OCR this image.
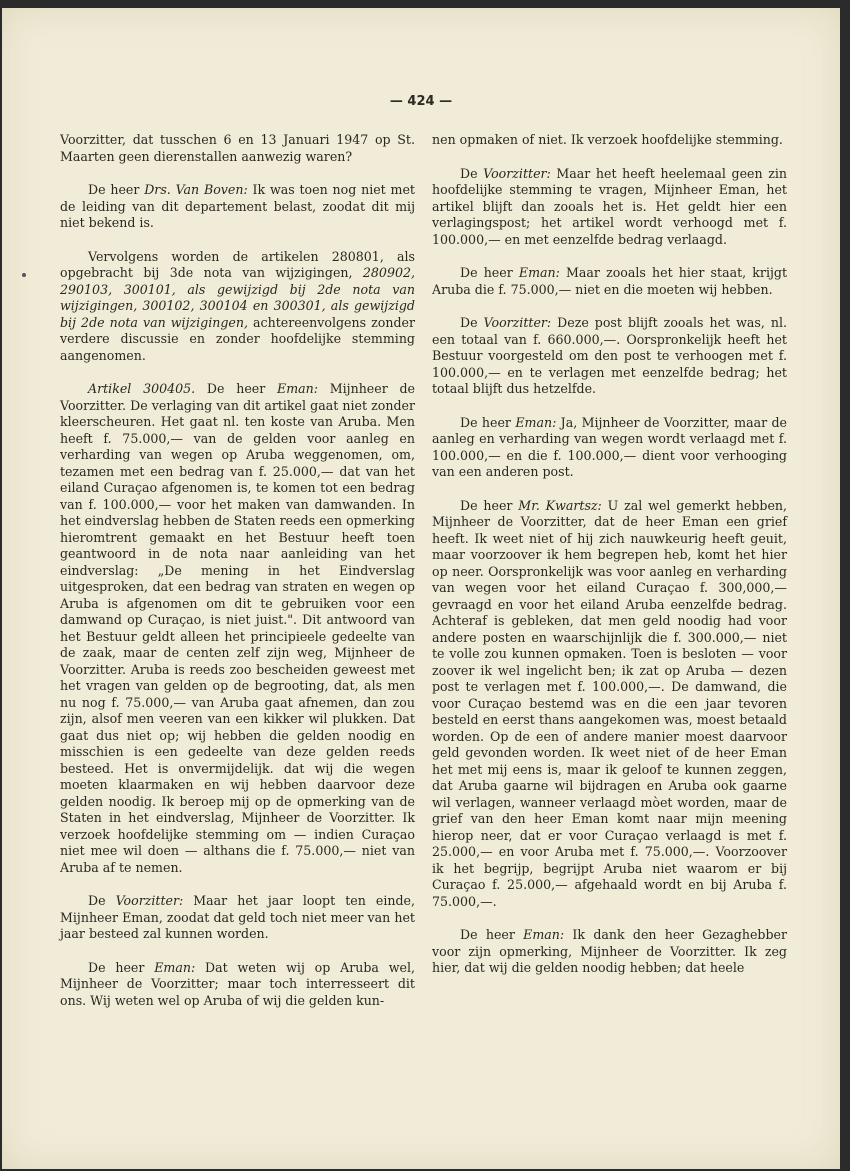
— 424 —

Voorzitter, dat tusschen 6 en 13 Januari 1947 op St. Maarten geen dierenstallen aanwezig waren?

De heer Drs. Van Boven: Ik was toen nog niet met de leiding van dit departement belast, zoodat dit mij niet bekend is.

Vervolgens worden de artikelen 280801, als opgebracht bij 3de nota van wijzigingen, 280902, 290103, 300101, als gewijzigd bij 2de nota van wijzigingen, 300102, 300104 en 300301, als gewijzigd bij 2de nota van wijzigingen, achtereenvolgens zonder verdere discussie en zonder hoofdelijke stemming aangenomen.

Artikel 300405. De heer Eman: Mijnheer de Voorzitter. De verlaging van dit artikel gaat niet zonder kleerscheuren. Het gaat nl. ten koste van Aruba. Men heeft f. 75.000,— van de gelden voor aanleg en verharding van wegen op Aruba weggenomen, om, tezamen met een bedrag van f. 25.000,— dat van het eiland Curaçao afgenomen is, te komen tot een bedrag van f. 100.000,— voor het maken van damwanden. In het eindverslag hebben de Staten reeds een opmerking hieromtrent gemaakt en het Bestuur heeft toen geantwoord in de nota naar aanleiding van het eindverslag: „De mening in het Eindverslag uitgesproken, dat een bedrag van straten en wegen op Aruba is afgenomen om dit te gebruiken voor een damwand op Curaçao, is niet juist.". Dit antwoord van het Bestuur geldt alleen het principieele gedeelte van de zaak, maar de centen zelf zijn weg, Mijnheer de Voorzitter. Aruba is reeds zoo bescheiden geweest met het vragen van gelden op de begrooting, dat, als men nu nog f. 75.000,— van Aruba gaat afnemen, dan zou zijn, alsof men veeren van een kikker wil plukken. Dat gaat dus niet op; wij hebben die gelden noodig en misschien is een gedeelte van deze gelden reeds besteed. Het is onvermijdelijk. dat wij die wegen moeten klaarmaken en wij hebben daarvoor deze gelden noodig. Ik beroep mij op de opmerking van de Staten in het eindverslag, Mijnheer de Voorzitter. Ik verzoek hoofdelijke stemming om — indien Curaçao niet mee wil doen — althans die f. 75.000,— niet van Aruba af te nemen.

De Voorzitter: Maar het jaar loopt ten einde, Mijnheer Eman, zoodat dat geld toch niet meer van het jaar besteed zal kunnen worden.

De heer Eman: Dat weten wij op Aruba wel, Mijnheer de Voorzitter; maar toch interresseert dit ons. Wij weten wel op Aruba of wij die gelden kun-

nen opmaken of niet. Ik verzoek hoofdelijke stemming.

De Voorzitter: Maar het heeft heelemaal geen zin hoofdelijke stemming te vragen, Mijnheer Eman, het artikel blijft dan zooals het is. Het geldt hier een verlagingspost; het artikel wordt verhoogd met f. 100.000,— en met eenzelfde bedrag verlaagd.

De heer Eman: Maar zooals het hier staat, krijgt Aruba die f. 75.000,— niet en die moeten wij hebben.

De Voorzitter: Deze post blijft zooals het was, nl. een totaal van f. 660.000,—. Oorspronkelijk heeft het Bestuur voorgesteld om den post te verhoogen met f. 100.000,— en te verlagen met eenzelfde bedrag; het totaal blijft dus hetzelfde.

De heer Eman: Ja, Mijnheer de Voorzitter, maar de aanleg en verharding van wegen wordt verlaagd met f. 100.000,— en die f. 100.000,— dient voor verhooging van een anderen post.

De heer Mr. Kwartsz: U zal wel gemerkt hebben, Mijnheer de Voorzitter, dat de heer Eman een grief heeft. Ik weet niet of hij zich nauwkeurig heeft geuit, maar voorzoover ik hem begrepen heb, komt het hier op neer. Oorspronkelijk was voor aanleg en verharding van wegen voor het eiland Curaçao f. 300,000,— gevraagd en voor het eiland Aruba eenzelfde bedrag. Achteraf is gebleken, dat men geld noodig had voor andere posten en waarschijnlijk die f. 300.000,— niet te volle zou kunnen opmaken. Toen is besloten — voor zoover ik wel ingelicht ben; ik zat op Aruba — dezen post te verlagen met f. 100.000,—. De damwand, die voor Curaçao bestemd was en die een jaar tevoren besteld en eerst thans aangekomen was, moest betaald worden. Op de een of andere manier moest daarvoor geld gevonden worden. Ik weet niet of de heer Eman het met mij eens is, maar ik geloof te kunnen zeggen, dat Aruba gaarne wil bijdragen en Aruba ook gaarne wil verlagen, wanneer verlaagd mòet worden, maar de grief van den heer Eman komt naar mijn meening hierop neer, dat er voor Curaçao verlaagd is met f. 25.000,— en voor Aruba met f. 75.000,—. Voorzoover ik het begrijp, begrijpt Aruba niet waarom er bij Curaçao f. 25.000,— afgehaald wordt en bij Aruba f. 75.000,—.

De heer Eman: Ik dank den heer Gezaghebber voor zijn opmerking, Mijnheer de Voorzitter. Ik zeg hier, dat wij die gelden noodig hebben; dat heele
